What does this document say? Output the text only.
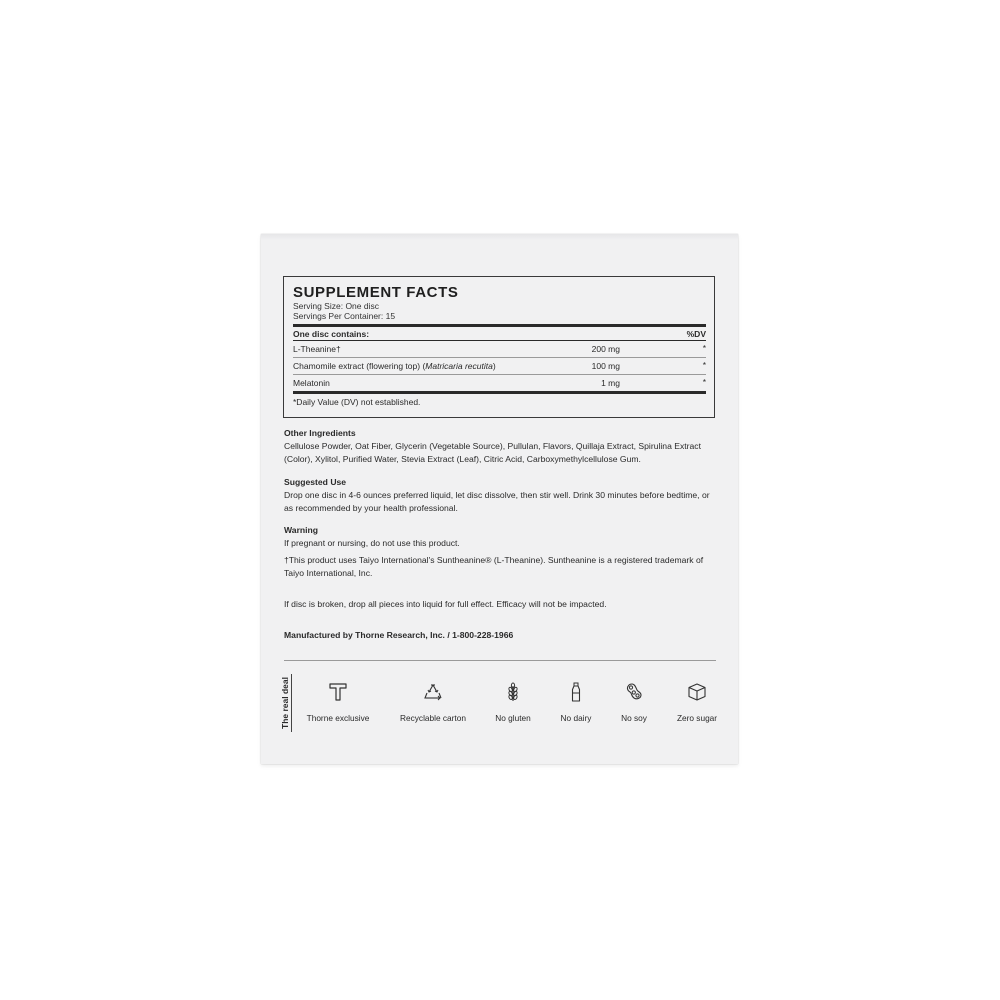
SUPPLEMENT FACTS
Serving Size: One disc
Servings Per Container: 15
One disc contains:	%DV
L-Theanine†	200 mg	*
Chamomile extract (flowering top) (Matricaria recutita)	100 mg	*
Melatonin	1 mg	*
*Daily Value (DV) not established.
Other Ingredients
Cellulose Powder, Oat Fiber, Glycerin (Vegetable Source), Pullulan, Flavors, Quillaja Extract, Spirulina Extract (Color), Xylitol, Purified Water, Stevia Extract (Leaf), Citric Acid, Carboxymethylcellulose Gum.
Suggested Use
Drop one disc in 4-6 ounces preferred liquid, let disc dissolve, then stir well. Drink 30 minutes before bedtime, or as recommended by your health professional.
Warning
If pregnant or nursing, do not use this product.
†This product uses Taiyo International's Suntheanine® (L-Theanine). Suntheanine is a registered trademark of Taiyo International, Inc.
If disc is broken, drop all pieces into liquid for full effect. Efficacy will not be impacted.
Manufactured by Thorne Research, Inc. / 1-800-228-1966
The real deal	Thorne exclusive	Recyclable carton	No gluten	No dairy	No soy	Zero sugar
